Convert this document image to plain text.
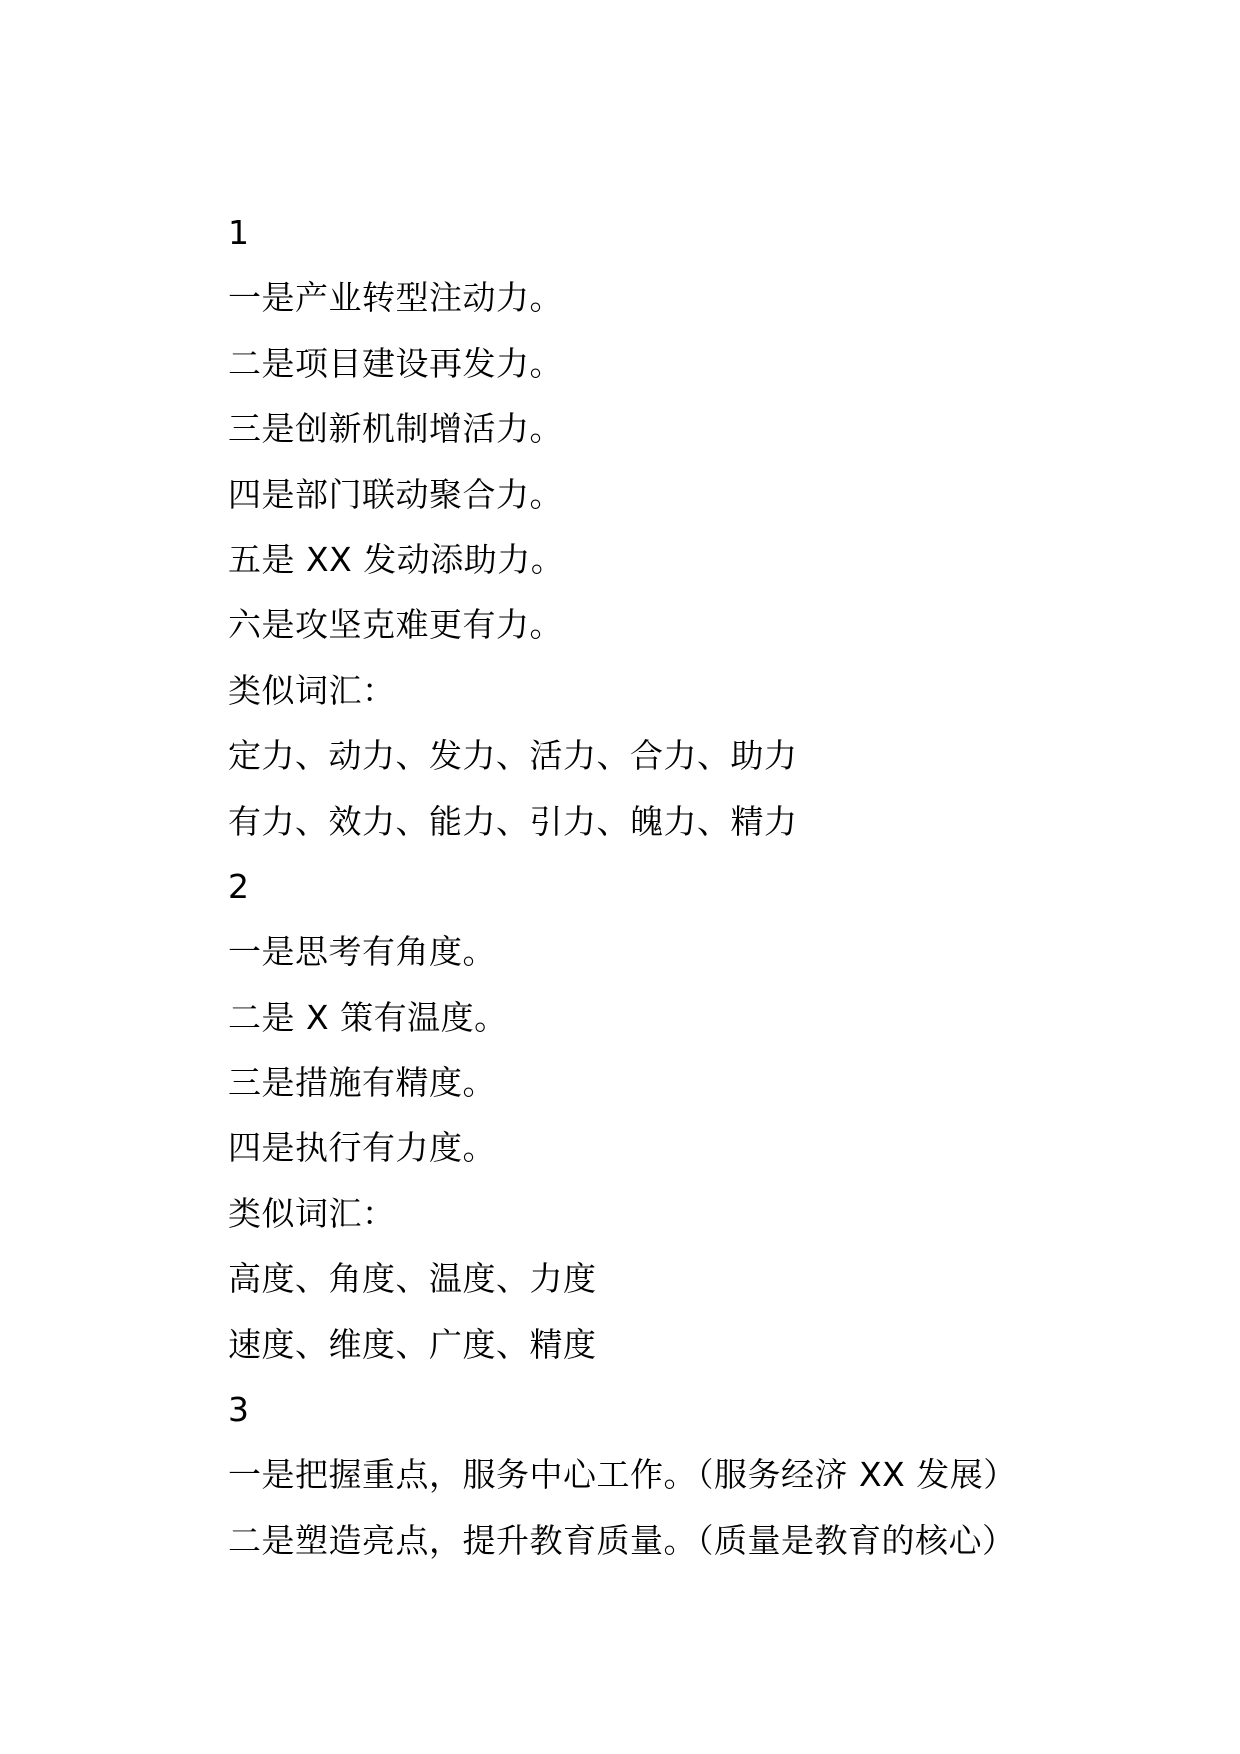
1
一是产业转型注动力。
二是项目建设再发力。
三是创新机制增活力。
四是部门联动聚合力。
五是 XX 发动添助力。
六是攻坚克难更有力。
类似词汇：
定力、动力、发力、活力、合力、助力
有力、效力、能力、引力、魄力、精力
2
一是思考有角度。
二是 X 策有温度。
三是措施有精度。
四是执行有力度。
类似词汇：
高度、角度、温度、力度
速度、维度、广度、精度
3
一是把握重点，服务中心工作。（服务经济 XX 发展）
二是塑造亮点，提升教育质量。（质量是教育的核心）
